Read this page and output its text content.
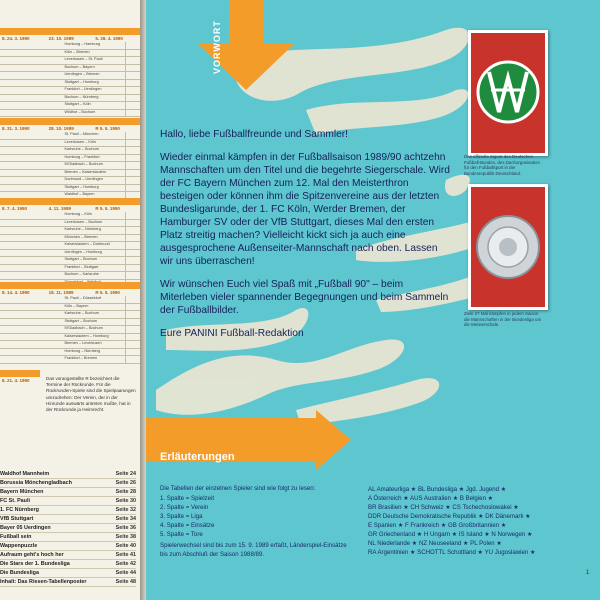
8. 24. 3. 1990	23. 10. 1989	5. 28. 4. 1990
Homburg – Hamburg
Köln – Bremen
Leverkusen – St. Pauli
Bochum – Bayern
Uerdingen – Bremen
Stuttgart – Homburg
Frankfurt – Uerdingen
Bochum – Nürnberg
Stuttgart – Köln
Wildhof – Bochum
8. 31. 3. 1990	28. 10. 1989	R 5. 5. 1990
St. Pauli – München
Leverkusen – Köln
Karlsruhe – Bochum
Homburg – Frankfurt
M'Gladbach – Bochum
Bremen – Kaiserslautern
Dortmund – Uerdingen
Stuttgart – Homburg
Waldhof – Bayern
8. 7. 4. 1990	4. 11. 1989	R 5. 5. 1990
Homburg – Köln
Leverkusen – Bochum
Karlsruhe – Nürnberg
München – Bremen
Kaiserslautern – Dortmund
Uerdingen – Homburg
Stuttgart – Bochum
Frankfurt – Stuttgart
Bochum – Karlsruhe
8. 14. 4. 1990	18. 11. 1989	R 5. 5. 1990
St. Pauli – Düsseldorf
Köln – Bayern
Karlsruhe – Bochum
Stuttgart – Bochum
M'Gladbach – Bochum
Kaiserslautern – Homburg
Bremen – Leverkusen
Homburg – Nürnberg
Frankfurt – Bremen
8. 21. 4. 1990	Das vorangestellte R bezeichnet die Termine der Rückrunde. Für die Rückrunden-Spiele sind die Spielpaarungen umzudrehen: Der Verein, der in der Hinrunde auswärts antreten mußte, hat in der Rückrunde ja Heimrecht.
Waldhof Mannheim	Seite 24
Borussia Mönchengladbach	Seite 26
Bayern München	Seite 28
FC St. Pauli	Seite 30
1. FC Nürnberg	Seite 32
VfB Stuttgart	Seite 34
Bayer 05 Uerdingen	Seite 36
Fußball sein	Seite 38
Wappenpuzzle	Seite 40
Aufraum geht's hoch her	Seite 41
Die Stars der 1. Bundesliga	Seite 42
Die Bundesliga	Seite 44
Inhalt: Das Riesen-Tabellenposter	Seite 48
Das offizielle Signet des Deutschen Fußball-Bundes, des Dachorganisation für den Fußballsport in der Bundesrepublik Deutschland.
Ziele 27 Mal kämpfen in jedem Saison die Mannschaften in der Bundesliga um die Meisterschale.
VORWORT

Hallo, liebe Fußballfreunde und Sammler!

Wieder einmal kämpfen in der Fußballsaison 1989/90 achtzehn Mannschaften um den Titel und die begehrte Siegerschale. Wird der FC Bayern München zum 12. Mal den Meisterthron besteigen oder können ihm die Spitzenvereine aus der letzten Bundesligarunde, der 1. FC Köln, Werder Bremen, der Hamburger SV oder der VfB Stuttgart, dieses Mal den ersten Platz streitig machen? Vielleicht kickt sich ja auch eine ausgesprochene Außenseiter-Mannschaft nach oben. Lassen wir uns überraschen!

Wir wünschen Euch viel Spaß mit „Fußball 90" – beim Miterleben vieler spannender Begegnungen und beim Sammeln der Fußballbilder.

Eure PANINI Fußball-Redaktion

Erläuterungen
Die Tabellen der einzelnen Spieler sind wie folgt zu lesen:
1. Spalte = Spielzeit
2. Spalte = Verein
3. Spalte = Liga
4. Spalte = Einsätze
5. Spalte = Tore
Spielerwechsel sind bis zum 15. 9. 1989 erfaßt, Länderspiel-Einsätze bis zum Abschluß der Saison 1988/89.
AL Amateurliga ★ BL Bundesliga ★ Jgd. Jugend ★
A Österreich ★ AUS Australien ★ B Belgien ★
BR Brasilien ★ CH Schweiz ★ CS Tschechoslowakei ★
DDR Deutsche Demokratische Republik ★ DK Dänemark ★
E Spanien ★ F Frankreich ★ GB Großbritannien ★
GR Griechenland ★ H Ungarn ★ IS Island ★ N Norwegen ★
NL Niederlande ★ NZ Neuseeland ★ PL Polen ★
RA Argentinien ★ SCHOTTL Schottland ★ YU Jugoslawien ★
1
